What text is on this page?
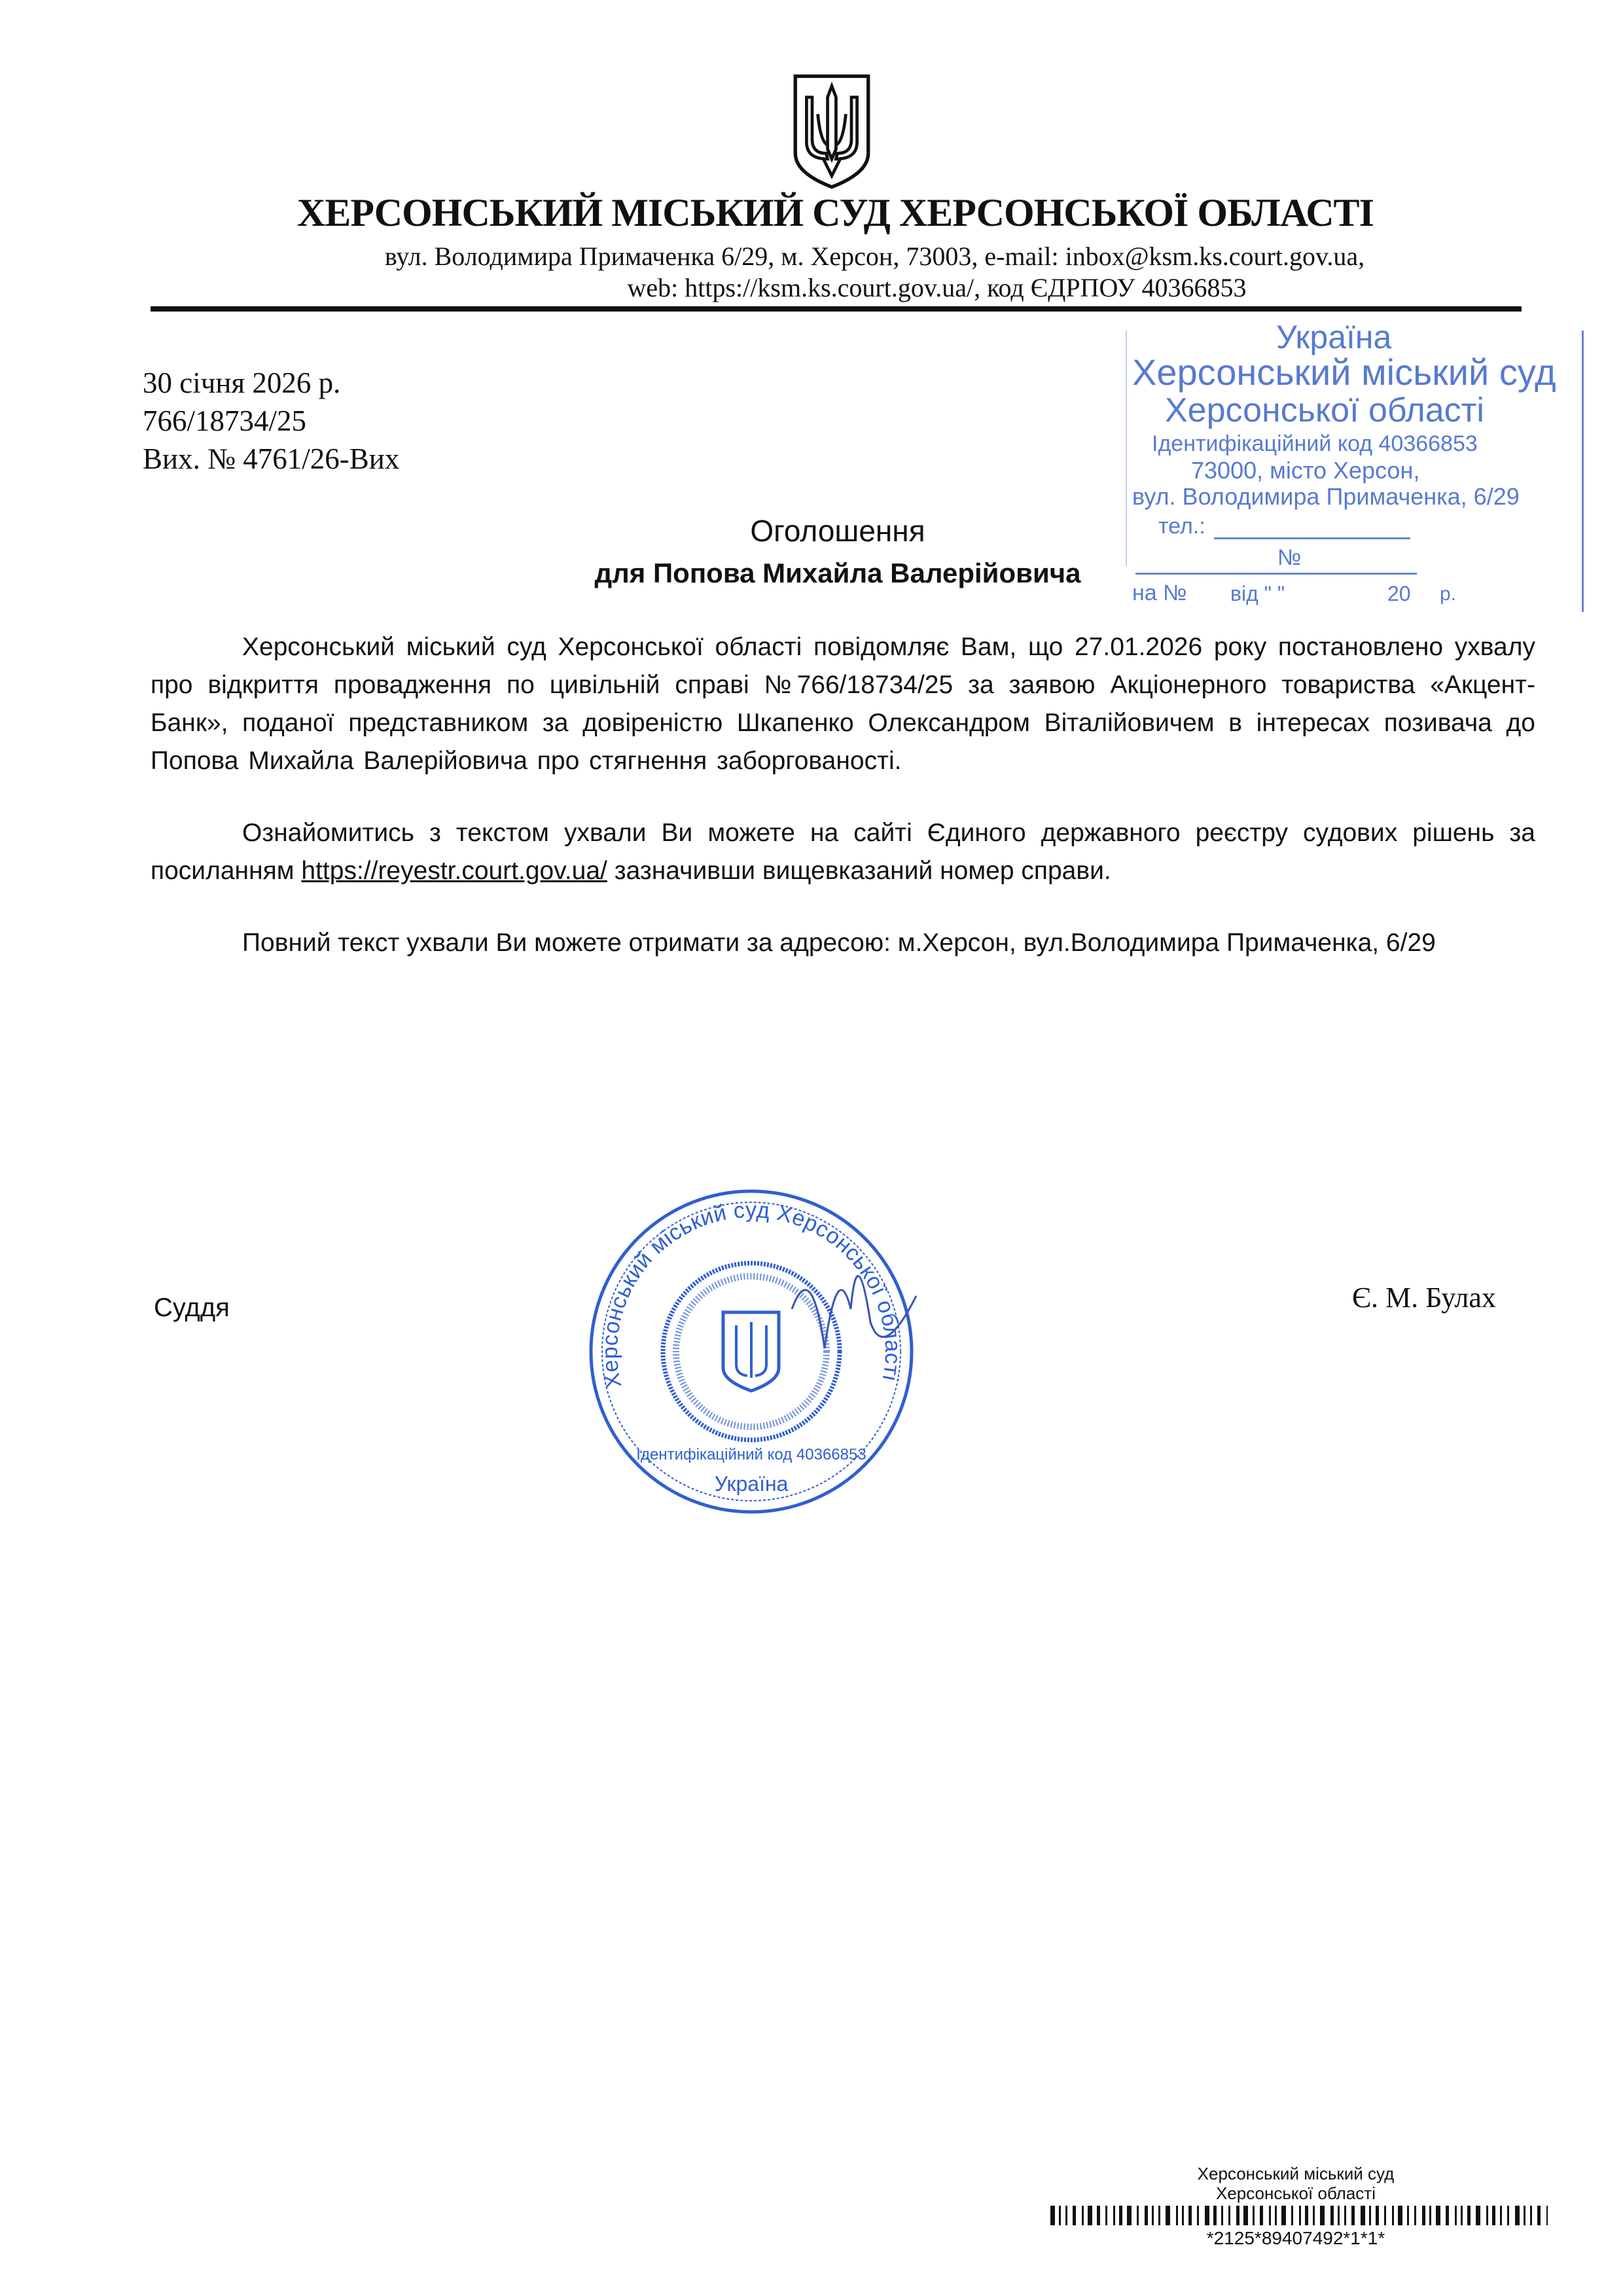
ХЕРСОНСЬКИЙ МІСЬКИЙ СУД ХЕРСОНСЬКОЇ ОБЛАСТІ
вул. Володимира Примаченка 6/29, м. Херсон, 73003, e-mail: inbox@ksm.ks.court.gov.ua,
web: https://ksm.ks.court.gov.ua/, код ЄДРПОУ 40366853
Україна
Херсонський міський суд
Херсонської області
Ідентифікаційний код 40366853
73000, місто Херсон,
вул. Володимира Примаченка, 6/29
тел.:
№
на № від " "	20 р.
30 січня 2026 р.
766/18734/25
Вих. № 4761/26-Вих
Оголошення
для Попова Михайла Валерійовича

Херсонський міський суд Херсонської області повідомляє Вам, що 27.01.2026 року постановлено ухвалу про відкриття провадження по цивільній справі №766/18734/25 за заявою Акціонерного товариства «Акцент-Банк», поданої представником за довіреністю Шкапенко Олександром Віталійовичем в інтересах позивача до Попова Михайла Валерійовича про стягнення заборгованості.

Ознайомитись з текстом ухвали Ви можете на сайті Єдиного державного реєстру судових рішень за посиланням https://reyestr.court.gov.ua/ зазначивши вищевказаний номер справи.

Повний текст ухвали Ви можете отримати за адресою: м.Херсон, вул.Володимира Примаченка, 6/29

Суддя	Є. М. Булах
Херсонський міський суд Херсонської області
Ідентифікаційний код 40366853
Україна
Херсонський міський суд
Херсонської області
*2125*89407492*1*1*
